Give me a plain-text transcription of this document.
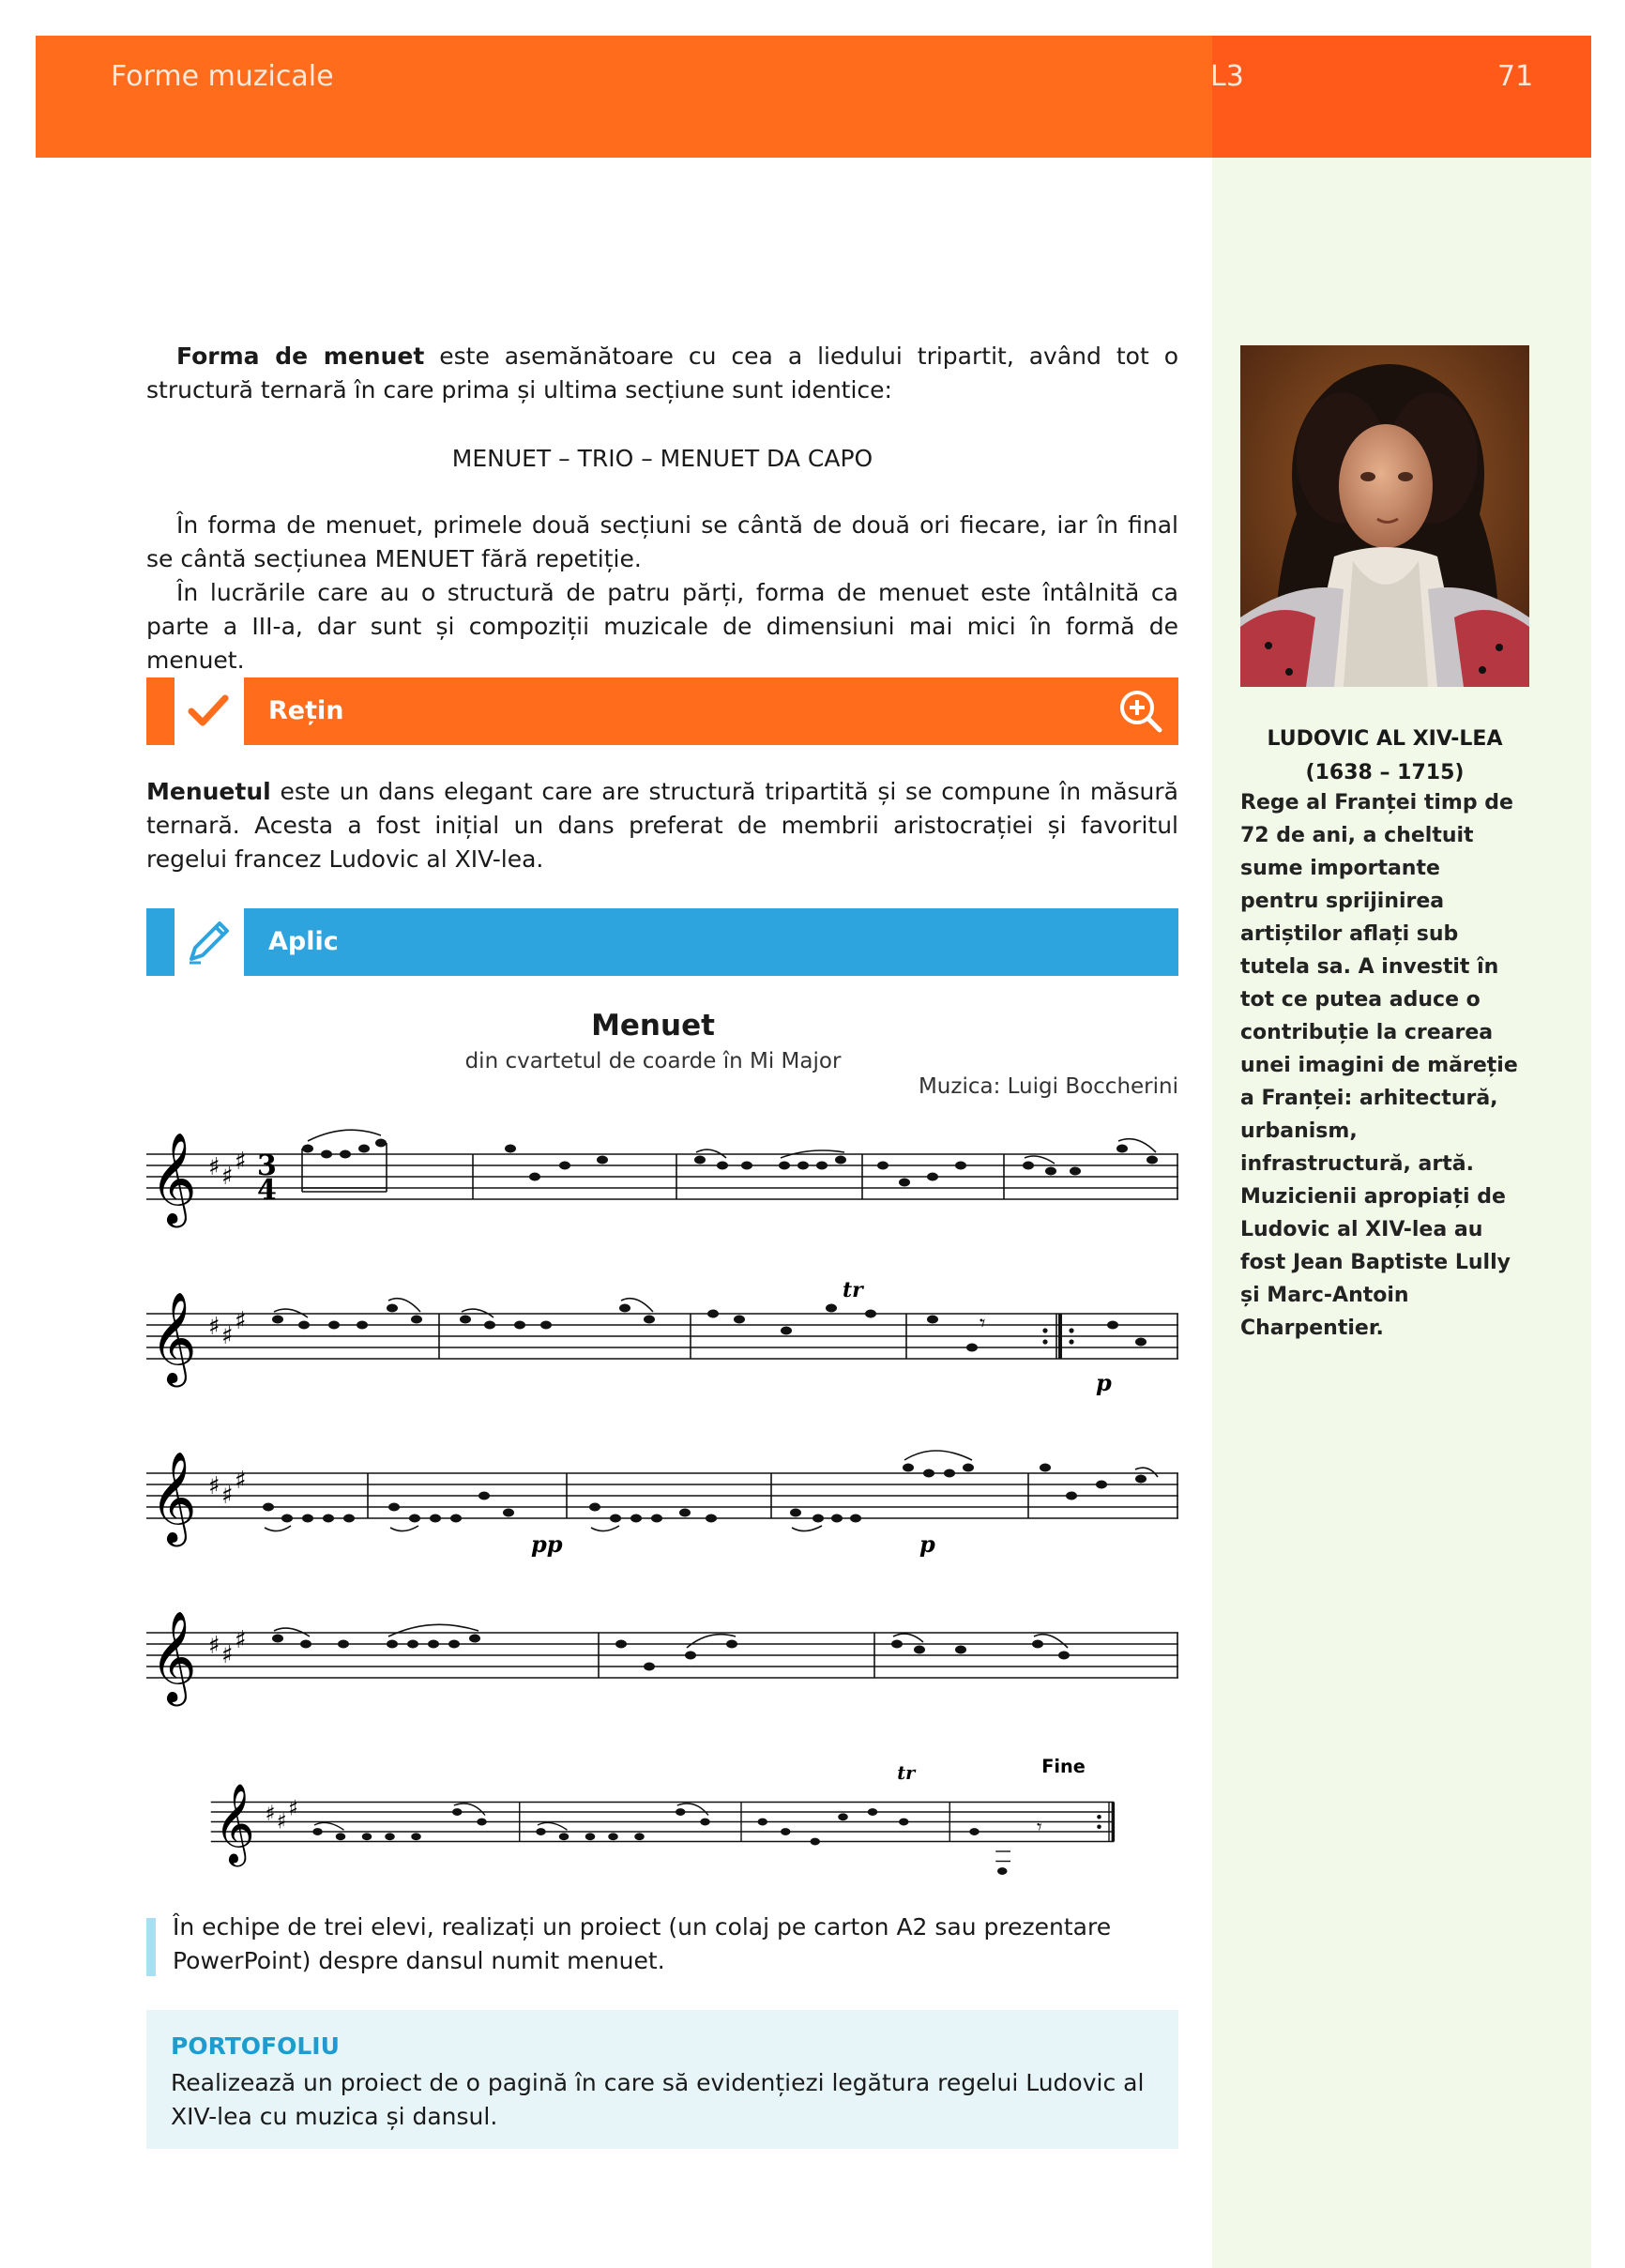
Forme muzicale	L3	71
Forma de menuet este asemănătoare cu cea a liedului tripartit, având tot o structură ternară în care prima și ultima secțiune sunt identice:
MENUET – TRIO – MENUET DA CAPO
În forma de menuet, primele două secțiuni se cântă de două ori fiecare, iar în final se cântă secțiunea MENUET fără repetiție.
În lucrările care au o structură de patru părți, forma de menuet este întâlnită ca parte a III-a, dar sunt și compoziții muzicale de dimensiuni mai mici în formă de menuet.
Rețin
Menuetul este un dans elegant care are structură tripartită și se compune în măsură ternară. Acesta a fost inițial un dans preferat de membrii aristocrației și favoritul regelui francez Ludovic al XIV-lea.
Aplic
Menuet
din cvartetul de coarde în Mi Major
Muzica: Luigi Boccherini
𝄞 ♯ ♯
♯ 3
4
𝄞 ♯ ♯
♯	𝄾
tr
p
𝄞 ♯ ♯
♯
pp	p
𝄞 ♯ ♯
♯
𝄞 ♯ ♯
♯
Fine
tr
𝄾
În echipe de trei elevi, realizați un proiect (un colaj pe carton A2 sau prezentare PowerPoint) despre dansul numit menuet.
PORTOFOLIU
Realizează un proiect de o pagină în care să evidențiezi legătura regelui Ludovic al XIV-lea cu muzica și dansul.
LUDOVIC AL XIV-LEA
(1638 – 1715)
Rege al Franței timp de 72 de ani, a cheltuit sume importante pentru sprijinirea artiștilor aflați sub tutela sa. A investit în tot ce putea aduce o contribuție la crearea unei imagini de măreție a Franței: arhitectură, urbanism, infrastructură, artă. Muzicienii apropiați de Ludovic al XIV-lea au fost Jean Baptiste Lully și Marc-Antoin Charpentier.
